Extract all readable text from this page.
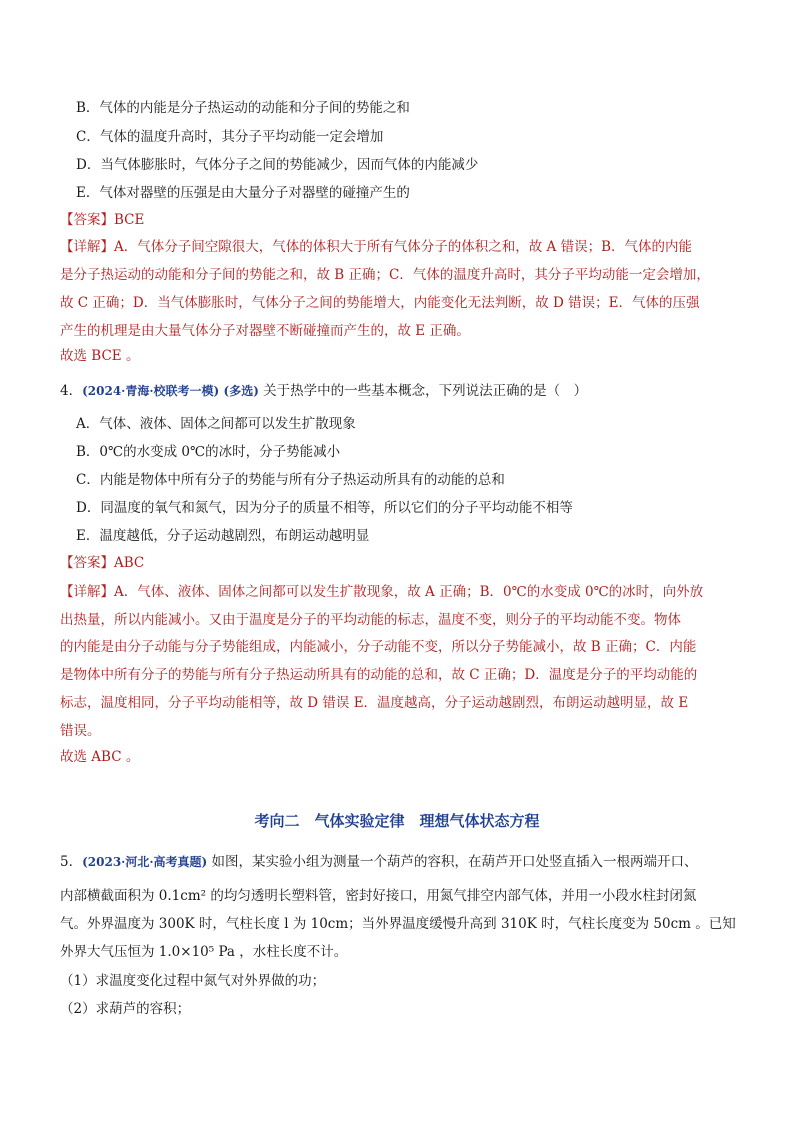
B．气体的内能是分子热运动的动能和分子间的势能之和
C．气体的温度升高时，其分子平均动能一定会增加
D．当气体膨胀时，气体分子之间的势能减少，因而气体的内能减少
E．气体对器壁的压强是由大量分子对器壁的碰撞产生的
【答案】BCE
【详解】A．气体分子间空隙很大，气体的体积大于所有气体分子的体积之和，故 A 错误；B．气体的内能
是分子热运动的动能和分子间的势能之和，故 B 正确；C．气体的温度升高时，其分子平均动能一定会增加，
故 C 正确；D．当气体膨胀时，气体分子之间的势能增大，内能变化无法判断，故 D 错误；E．气体的压强
产生的机理是由大量气体分子对器壁不断碰撞而产生的，故 E 正确。
故选 BCE 。
4．(2024·青海·校联考一模) (多选) 关于热学中的一些基本概念，下列说法正确的是（　）
A．气体、液体、固体之间都可以发生扩散现象
B．0℃的水变成 0℃的冰时，分子势能减小
C．内能是物体中所有分子的势能与所有分子热运动所具有的动能的总和
D．同温度的氧气和氮气，因为分子的质量不相等，所以它们的分子平均动能不相等
E．温度越低，分子运动越剧烈，布朗运动越明显
【答案】ABC
【详解】A．气体、液体、固体之间都可以发生扩散现象，故 A 正确；B．0℃的水变成 0℃的冰时，向外放
出热量，所以内能减小。又由于温度是分子的平均动能的标志，温度不变，则分子的平均动能不变。物体
的内能是由分子动能与分子势能组成，内能减小，分子动能不变，所以分子势能减小，故 B 正确；C．内能
是物体中所有分子的势能与所有分子热运动所具有的动能的总和，故 C 正确；D．温度是分子的平均动能的
标志，温度相同，分子平均动能相等，故 D 错误 E．温度越高，分子运动越剧烈，布朗运动越明显，故 E
错误。
故选 ABC 。
考向二　气体实验定律　理想气体状态方程
5．(2023·河北·高考真题) 如图，某实验小组为测量一个葫芦的容积，在葫芦开口处竖直插入一根两端开口、
内部横截面积为 0.1cm² 的均匀透明长塑料管，密封好接口，用氮气排空内部气体，并用一小段水柱封闭氮
气。外界温度为 300K 时，气柱长度 l 为 10cm；当外界温度缓慢升高到 310K 时，气柱长度变为 50cm 。已知
外界大气压恒为 1.0×10⁵ Pa ，水柱长度不计。
（1）求温度变化过程中氮气对外界做的功；
（2）求葫芦的容积；
